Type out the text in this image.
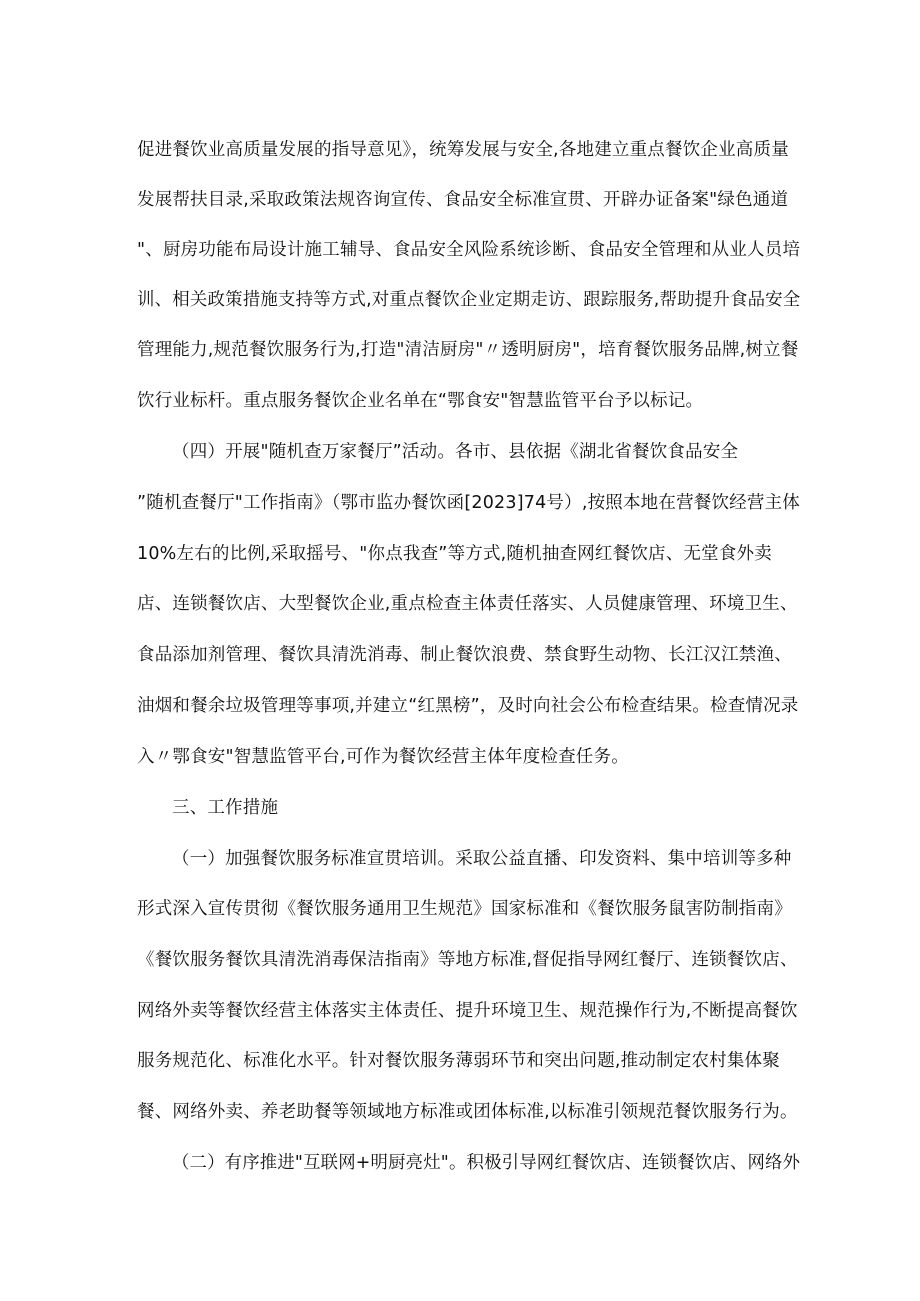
促进餐饮业高质量发展的指导意见》，统筹发展与安全,各地建立重点餐饮企业高质量
发展帮扶目录,采取政策法规咨询宣传、食品安全标准宣贯、开辟办证备案"绿色通道
"、厨房功能布局设计施工辅导、食品安全风险系统诊断、食品安全管理和从业人员培
训、相关政策措施支持等方式,对重点餐饮企业定期走访、跟踪服务,帮助提升食品安全
管理能力,规范餐饮服务行为,打造"清洁厨房"〃透明厨房"，培育餐饮服务品牌,树立餐
饮行业标杆。重点服务餐饮企业名单在“鄂食安"智慧监管平台予以标记。
（四）开展"随机查万家餐厅”活动。各市、县依据《湖北省餐饮食品安全
”随机查餐厅"工作指南》（鄂市监办餐饮函[2023]74号）,按照本地在营餐饮经营主体
10%左右的比例,采取摇号、"你点我查”等方式,随机抽查网红餐饮店、无堂食外卖
店、连锁餐饮店、大型餐饮企业,重点检查主体责任落实、人员健康管理、环境卫生、
食品添加剂管理、餐饮具清洗消毒、制止餐饮浪费、禁食野生动物、长江汉江禁渔、
油烟和餐余垃圾管理等事项,并建立“红黑榜”，及时向社会公布检查结果。检查情况录
入〃鄂食安"智慧监管平台,可作为餐饮经营主体年度检查任务。
三、工作措施
（一）加强餐饮服务标准宣贯培训。采取公益直播、印发资料、集中培训等多种
形式深入宣传贯彻《餐饮服务通用卫生规范》国家标准和《餐饮服务鼠害防制指南》
《餐饮服务餐饮具清洗消毒保洁指南》等地方标准,督促指导网红餐厅、连锁餐饮店、
网络外卖等餐饮经营主体落实主体责任、提升环境卫生、规范操作行为,不断提高餐饮
服务规范化、标准化水平。针对餐饮服务薄弱环节和突出问题,推动制定农村集体聚
餐、网络外卖、养老助餐等领域地方标准或团体标准,以标准引领规范餐饮服务行为。
（二）有序推进"互联网+明厨亮灶"。积极引导网红餐饮店、连锁餐饮店、网络外
